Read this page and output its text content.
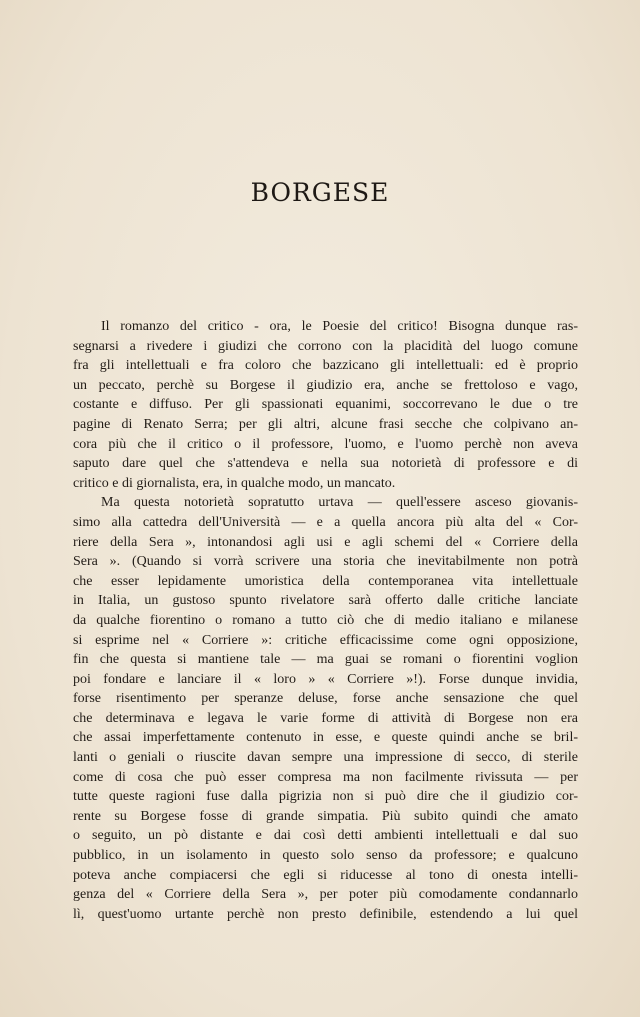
BORGESE
Il romanzo del critico - ora, le Poesie del critico! Bisogna dunque ras-
segnarsi a rivedere i giudizi che corrono con la placidità del luogo comune
fra gli intellettuali e fra coloro che bazzicano gli intellettuali: ed è proprio
un peccato, perchè su Borgese il giudizio era, anche se frettoloso e vago,
costante e diffuso. Per gli spassionati equanimi, soccorrevano le due o tre
pagine di Renato Serra; per gli altri, alcune frasi secche che colpivano an-
cora più che il critico o il professore, l'uomo, e l'uomo perchè non aveva
saputo dare quel che s'attendeva e nella sua notorietà di professore e di
critico e di giornalista, era, in qualche modo, un mancato.
Ma questa notorietà sopratutto urtava — quell'essere asceso giovanis-
simo alla cattedra dell'Università — e a quella ancora più alta del « Cor-
riere della Sera », intonandosi agli usi e agli schemi del « Corriere della
Sera ». (Quando si vorrà scrivere una storia che inevitabilmente non potrà
che esser lepidamente umoristica della contemporanea vita intellettuale
in Italia, un gustoso spunto rivelatore sarà offerto dalle critiche lanciate
da qualche fiorentino o romano a tutto ciò che di medio italiano e milanese
si esprime nel « Corriere »: critiche efficacissime come ogni opposizione,
fin che questa si mantiene tale — ma guai se romani o fiorentini voglion
poi fondare e lanciare il « loro » « Corriere »!). Forse dunque invidia,
forse risentimento per speranze deluse, forse anche sensazione che quel
che determinava e legava le varie forme di attività di Borgese non era
che assai imperfettamente contenuto in esse, e queste quindi anche se bril-
lanti o geniali o riuscite davan sempre una impressione di secco, di sterile
come di cosa che può esser compresa ma non facilmente rivissuta — per
tutte queste ragioni fuse dalla pigrizia non si può dire che il giudizio cor-
rente su Borgese fosse di grande simpatia. Più subito quindi che amato
o seguito, un pò distante e dai così detti ambienti intellettuali e dal suo
pubblico, in un isolamento in questo solo senso da professore; e qualcuno
poteva anche compiacersi che egli si riducesse al tono di onesta intelli-
genza del « Corriere della Sera », per poter più comodamente condannarlo
lì, quest'uomo urtante perchè non presto definibile, estendendo a lui quel
